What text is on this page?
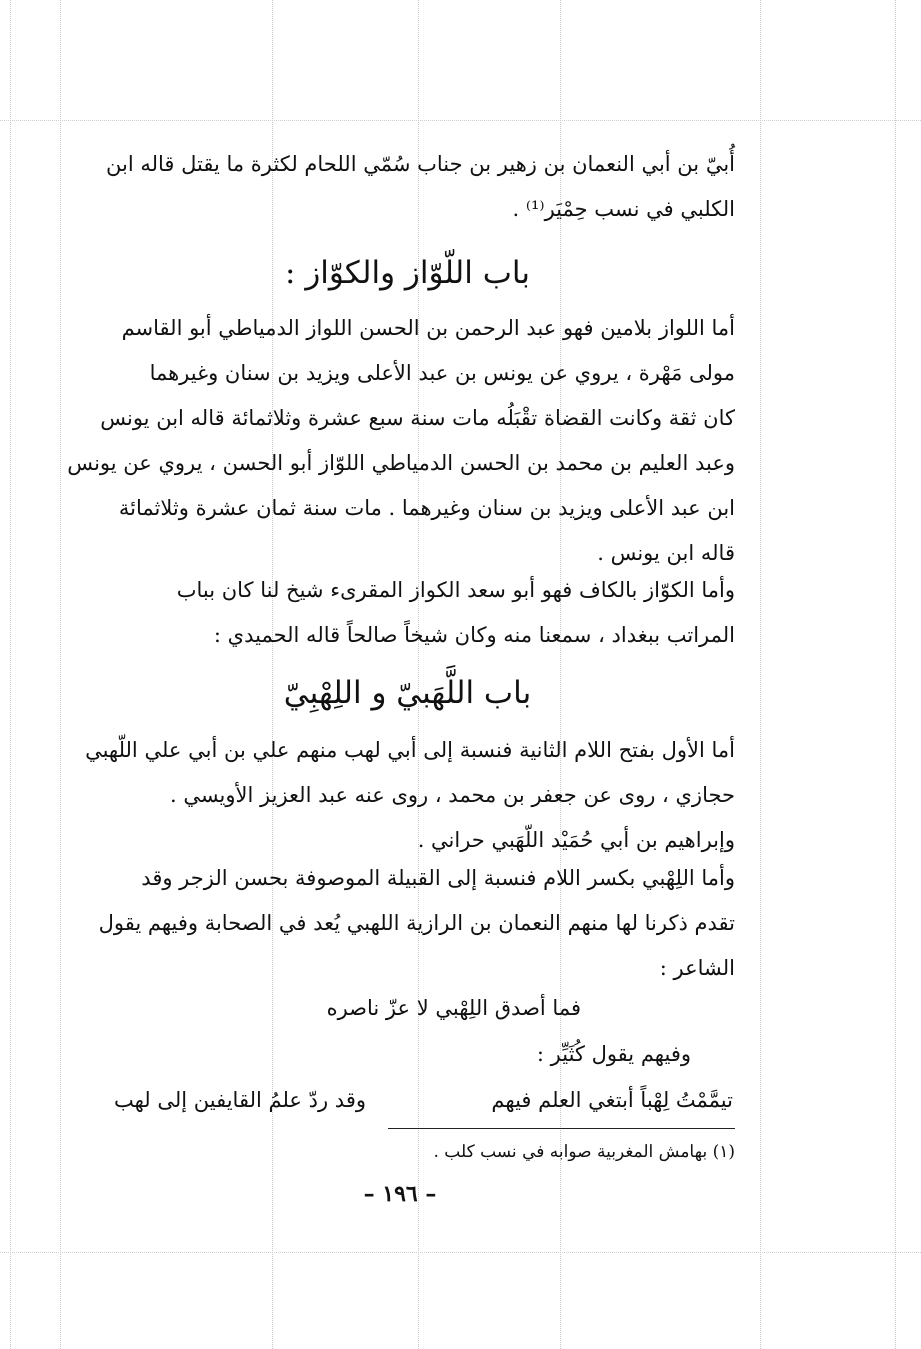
أُبيّ بن أبي النعمان بن زهير بن جناب سُمّي اللحام لكثرة ما يقتل قاله ابن
الكلبي في نسب حِمْيَر⁽¹⁾ .
باب اللّوّاز والكوّاز :
أما اللواز بلامين فهو عبد الرحمن بن الحسن اللواز الدمياطي أبو القاسم
مولى مَهْرة ، يروي عن يونس بن عبد الأعلى ويزيد بن سنان وغيرهما
كان ثقة وكانت القضاة تقْبَلُه مات سنة سبع عشرة وثلاثمائة قاله ابن يونس
وعبد العليم بن محمد بن الحسن الدمياطي اللوّاز أبو الحسن ، يروي عن يونس
ابن عبد الأعلى ويزيد بن سنان وغيرهما . مات سنة ثمان عشرة وثلاثمائة
قاله ابن يونس .
وأما الكوّاز بالكاف فهو أبو سعد الكواز المقرىء شيخ لنا كان بباب
المراتب ببغداد ، سمعنا منه وكان شيخاً صالحاً قاله الحميدي :
باب اللَّهَبيّ و اللِهْبِيّ
أما الأول بفتح اللام الثانية فنسبة إلى أبي لهب منهم علي بن أبي علي اللّهبي
حجازي ، روى عن جعفر بن محمد ، روى عنه عبد العزيز الأويسي .
وإبراهيم بن أبي حُمَيْد اللّهَبي حراني .
وأما اللِهْبي بكسر اللام فنسبة إلى القبيلة الموصوفة بحسن الزجر وقد
تقدم ذكرنا لها منهم النعمان بن الرازية اللهبي يُعد في الصحابة وفيهم يقول
الشاعر :
فما أصدق اللِهْبي لا عزّ ناصره
وفيهم يقول كُثَيِّر :
تيمَّمْتُ لِهْباً أبتغي العلم فيهم
وقد ردّ علمُ القايفين إلى لهب
(١) بهامش المغربية صوابه في نسب كلب .
– ١٩٦ –
